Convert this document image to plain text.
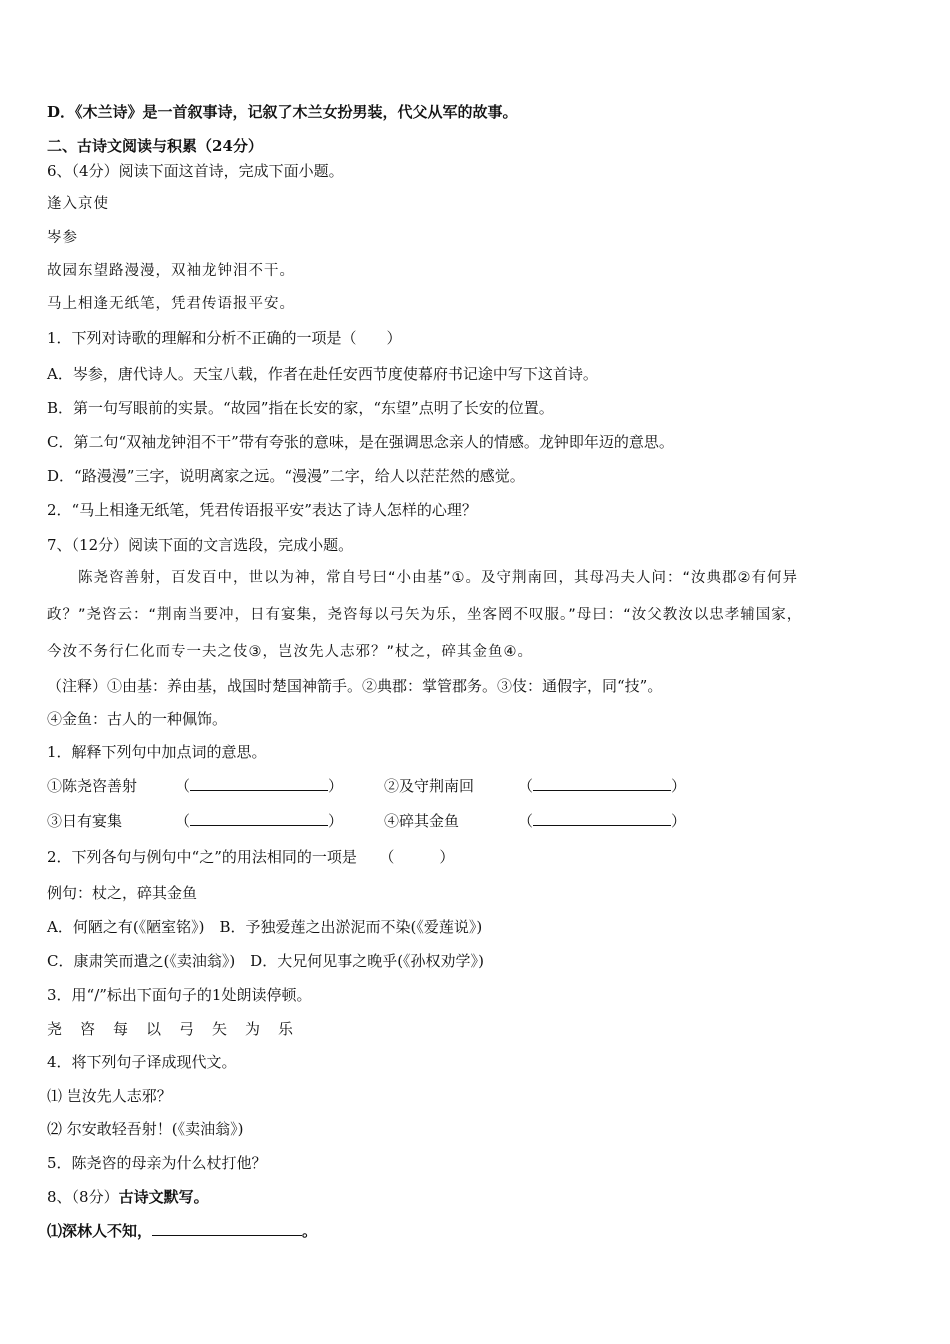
D．《木兰诗》是一首叙事诗，记叙了木兰女扮男装，代父从军的故事。
二、古诗文阅读与积累（24分）
6、（4分）阅读下面这首诗，完成下面小题。
逢入京使
岑参
故园东望路漫漫，双袖龙钟泪不干。
马上相逢无纸笔，凭君传语报平安。
1．下列对诗歌的理解和分析不正确的一项是（　　）
A．岑参，唐代诗人。天宝八载，作者在赴任安西节度使幕府书记途中写下这首诗。
B．第一句写眼前的实景。“故园”指在长安的家，“东望”点明了长安的位置。
C．第二句“双袖龙钟泪不干”带有夸张的意味，是在强调思念亲人的情感。龙钟即年迈的意思。
D．“路漫漫”三字，说明离家之远。“漫漫”二字，给人以茫茫然的感觉。
2．“马上相逢无纸笔，凭君传语报平安”表达了诗人怎样的心理？
7、（12分）阅读下面的文言选段，完成小题。
陈尧咨善射，百发百中，世以为神，常自号曰“小由基”①。及守荆南回，其母冯夫人问：“汝典郡②有何异
政？”尧咨云：“荆南当要冲，日有宴集，尧咨每以弓矢为乐，坐客罔不叹服。”母曰：“汝父教汝以忠孝辅国家，
今汝不务行仁化而专一夫之伎③，岂汝先人志邪？”杖之，碎其金鱼④。
（注释）①由基：养由基，战国时楚国神箭手。②典郡：掌管郡务。③伎：通假字，同“技”。
④金鱼：古人的一种佩饰。
1．解释下列句中加点词的意思。
①陈尧咨善射	（	）	②及守荆南回	（	）
③日有宴集	（	）	④碎其金鱼	（	）
2．下列各句与例句中“之”的用法相同的一项是　　（　　　）
例句：杖之，碎其金鱼
A．何陋之有(《陋室铭》)　B．予独爱莲之出淤泥而不染(《爱莲说》)
C．康肃笑而遣之(《卖油翁》)　D．大兄何见事之晚乎(《孙权劝学》)
3．用“/”标出下面句子的1处朗读停顿。
尧咨每以弓矢为乐
4．将下列句子译成现代文。
⑴ 岂汝先人志邪？
⑵ 尔安敢轻吾射！(《卖油翁》)
5．陈尧咨的母亲为什么杖打他？
8、（8分）古诗文默写。
⑴深林人不知，	。
